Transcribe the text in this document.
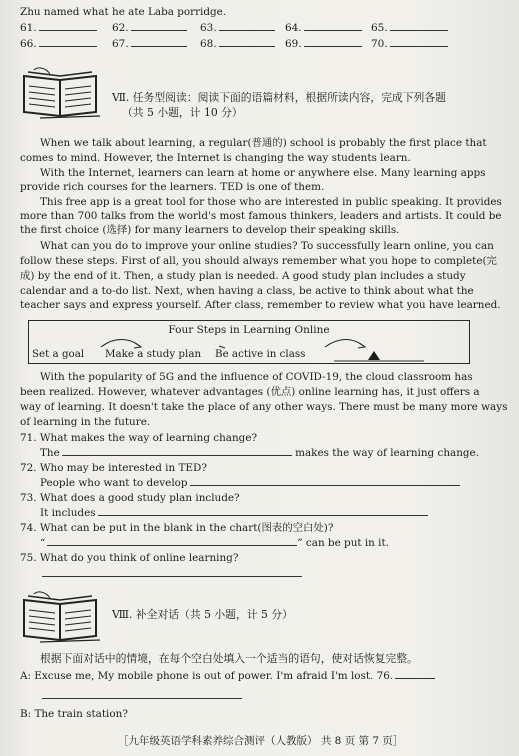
Zhu named what he ate Laba porridge.
61.	62.	63.	64.	65.
66.	67.	68.	69.	70.
Ⅶ. 任务型阅读：阅读下面的语篇材料，根据所读内容，完成下列各题
（共 5 小题，计 10 分）
When we talk about learning, a regular(普通的) school is probably the first place that
comes to mind. However, the Internet is changing the way students learn.
With the Internet, learners can learn at home or anywhere else. Many learning apps
provide rich courses for the learners. TED is one of them.
This free app is a great tool for those who are interested in public speaking. It provides
more than 700 talks from the world's most famous thinkers, leaders and artists. It could be
the first choice (选择) for many learners to develop their speaking skills.
What can you do to improve your online studies? To successfully learn online, you can
follow these steps. First of all, you should always remember what you hope to complete(完
成) by the end of it. Then, a study plan is needed. A good study plan includes a study
calendar and a to-do list. Next, when having a class, be active to think about what the
teacher says and express yourself. After class, remember to review what you have learned.
Four Steps in Learning Online
Set a goal Make a study plan Be active in class
With the popularity of 5G and the influence of COVID-19, the cloud classroom has
been realized. However, whatever advantages (优点) online learning has, it just offers a
way of learning. It doesn't take the place of any other ways. There must be many more ways
of learning in the future.
71. What makes the way of learning change?
The	makes the way of learning change.
72. Who may be interested in TED?
People who want to develop
73. What does a good study plan include?
It includes
74. What can be put in the blank in the chart(图表的空白处)?
“	” can be put in it.
75. What do you think of online learning?
Ⅷ. 补全对话（共 5 小题，计 5 分）
根据下面对话中的情境，在每个空白处填入一个适当的语句，使对话恢复完整。
A: Excuse me, My mobile phone is out of power. I'm afraid I'm lost. 76.
B: The train station?
［九年级英语学科素养综合测评（人教版） 共 8 页 第 7 页］
